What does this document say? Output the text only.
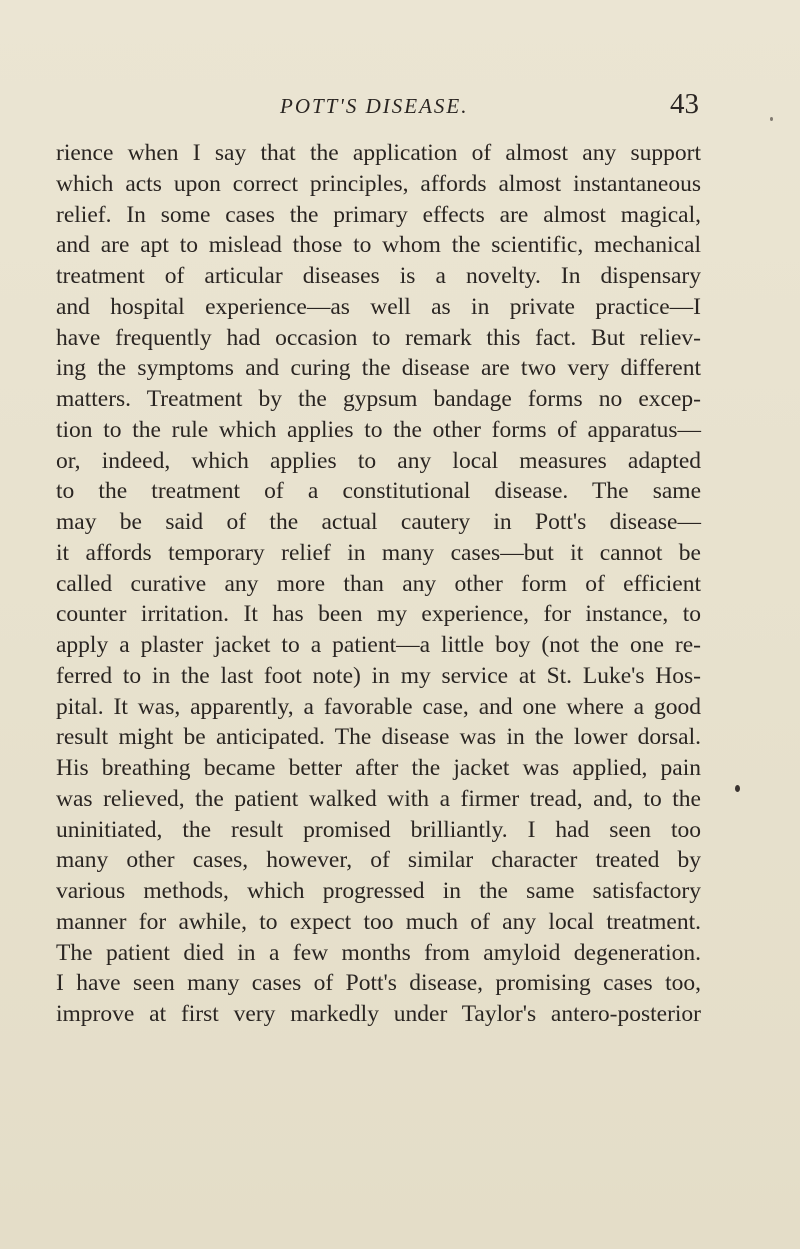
POTT'S DISEASE.	43
rience when I say that the application of almost any support
which acts upon correct principles, affords almost instantaneous
relief. In some cases the primary effects are almost magical,
and are apt to mislead those to whom the scientific, mechanical
treatment of articular diseases is a novelty. In dispensary
and hospital experience—as well as in private practice—I
have frequently had occasion to remark this fact. But reliev-
ing the symptoms and curing the disease are two very different
matters. Treatment by the gypsum bandage forms no excep-
tion to the rule which applies to the other forms of apparatus—
or, indeed, which applies to any local measures adapted
to the treatment of a constitutional disease. The same
may be said of the actual cautery in Pott's disease—
it affords temporary relief in many cases—but it cannot be
called curative any more than any other form of efficient
counter irritation. It has been my experience, for instance, to
apply a plaster jacket to a patient—a little boy (not the one re-
ferred to in the last foot note) in my service at St. Luke's Hos-
pital. It was, apparently, a favorable case, and one where a good
result might be anticipated. The disease was in the lower dorsal.
His breathing became better after the jacket was applied, pain
was relieved, the patient walked with a firmer tread, and, to the
uninitiated, the result promised brilliantly. I had seen too
many other cases, however, of similar character treated by
various methods, which progressed in the same satisfactory
manner for awhile, to expect too much of any local treatment.
The patient died in a few months from amyloid degeneration.
I have seen many cases of Pott's disease, promising cases too,
improve at first very markedly under Taylor's antero-posterior
